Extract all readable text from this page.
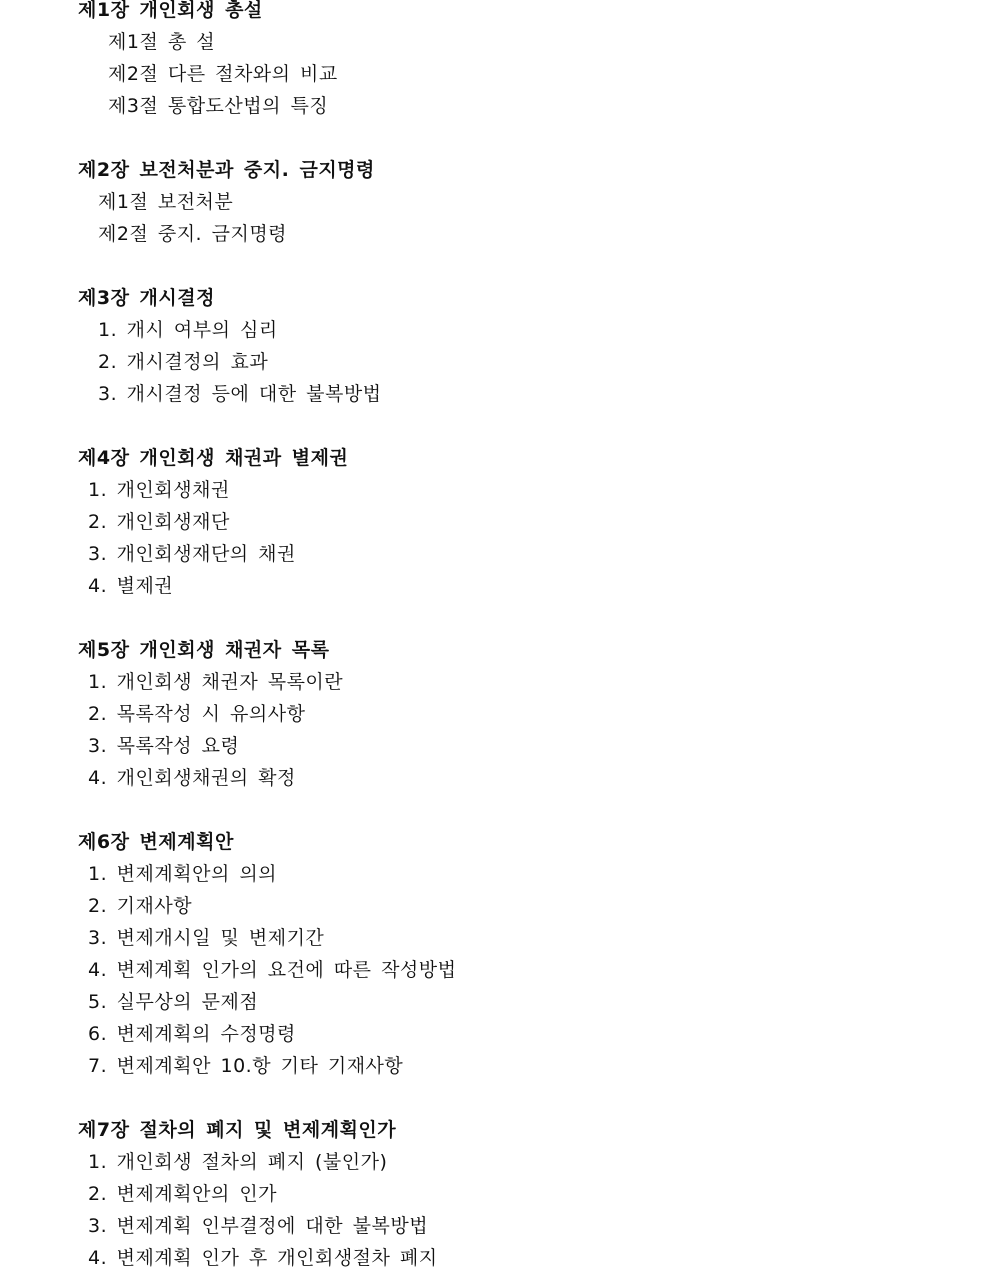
제1장 개인회생 총설
제1절 총 설
제2절 다른 절차와의 비교
제3절 통합도산법의 특징
제2장 보전처분과 중지. 금지명령
제1절 보전처분
제2절 중지. 금지명령
제3장 개시결정
1. 개시 여부의 심리
2. 개시결정의 효과
3. 개시결정 등에 대한 불복방법
제4장 개인회생 채권과 별제권
1. 개인회생채권
2. 개인회생재단
3. 개인회생재단의 채권
4. 별제권
제5장 개인회생 채권자 목록
1. 개인회생 채권자 목록이란
2. 목록작성 시 유의사항
3. 목록작성 요령
4. 개인회생채권의 확정
제6장 변제계획안
1. 변제계획안의 의의
2. 기재사항
3. 변제개시일 및 변제기간
4. 변제계획 인가의 요건에 따른 작성방법
5. 실무상의 문제점
6. 변제계획의 수정명령
7. 변제계획안 10.항 기타 기재사항
제7장 절차의 폐지 및 변제계획인가
1. 개인회생 절차의 폐지 (불인가)
2. 변제계획안의 인가
3. 변제계획 인부결정에 대한 불복방법
4. 변제계획 인가 후 개인회생절차 폐지
